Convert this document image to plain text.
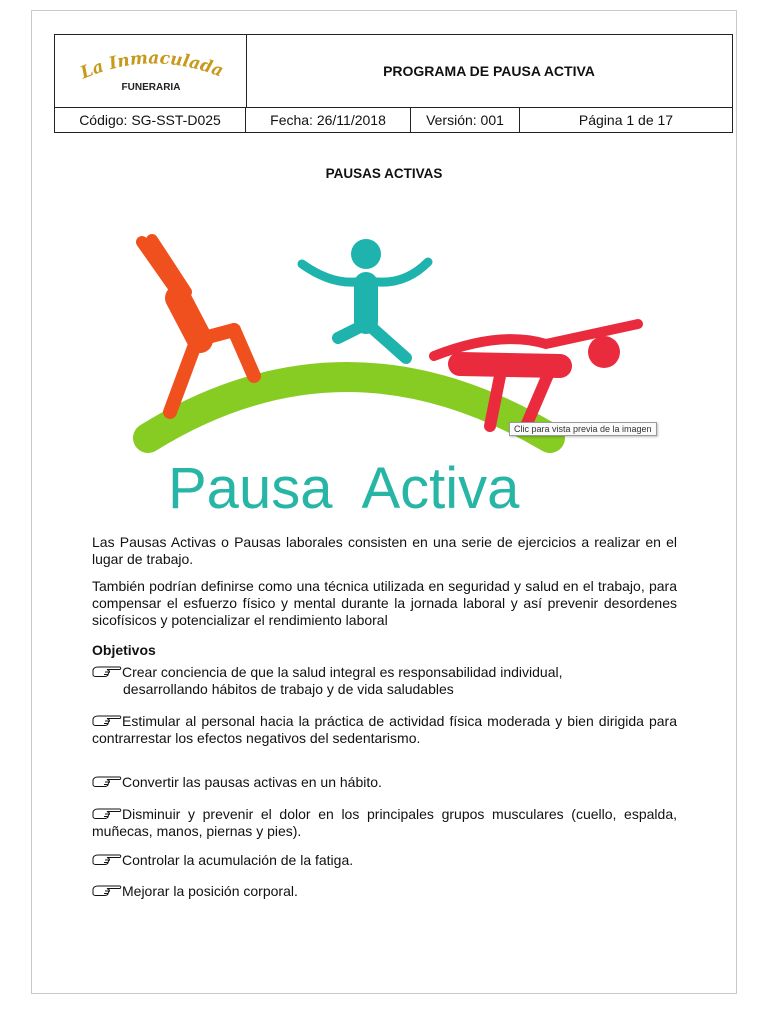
La Inmaculada
FUNERARIA
PROGRAMA DE PAUSA ACTIVA
Código: SG-SST-D025	Fecha: 26/11/2018	Versión: 001	Página 1 de 17
PAUSAS ACTIVAS
Clic para vista previa de la imagen
Pausa  Activa

Las Pausas Activas o Pausas laborales consisten en una serie de ejercicios a realizar en el lugar de trabajo.

También podrían definirse como una técnica utilizada en seguridad y salud en el trabajo, para compensar el esfuerzo físico y mental durante la jornada laboral y así prevenir desordenes sicofísicos y potencializar el rendimiento laboral

Objetivos
Crear conciencia de que la salud integral es responsabilidad individual,
desarrollando hábitos de trabajo y de vida saludables
Estimular al personal hacia la práctica de actividad física moderada y bien dirigida para contrarrestar los efectos negativos del sedentarismo.
Convertir las pausas activas en un hábito.
Disminuir y prevenir el dolor en los principales grupos musculares (cuello, espalda, muñecas, manos, piernas y pies).
Controlar la acumulación de la fatiga.
Mejorar la posición corporal.
